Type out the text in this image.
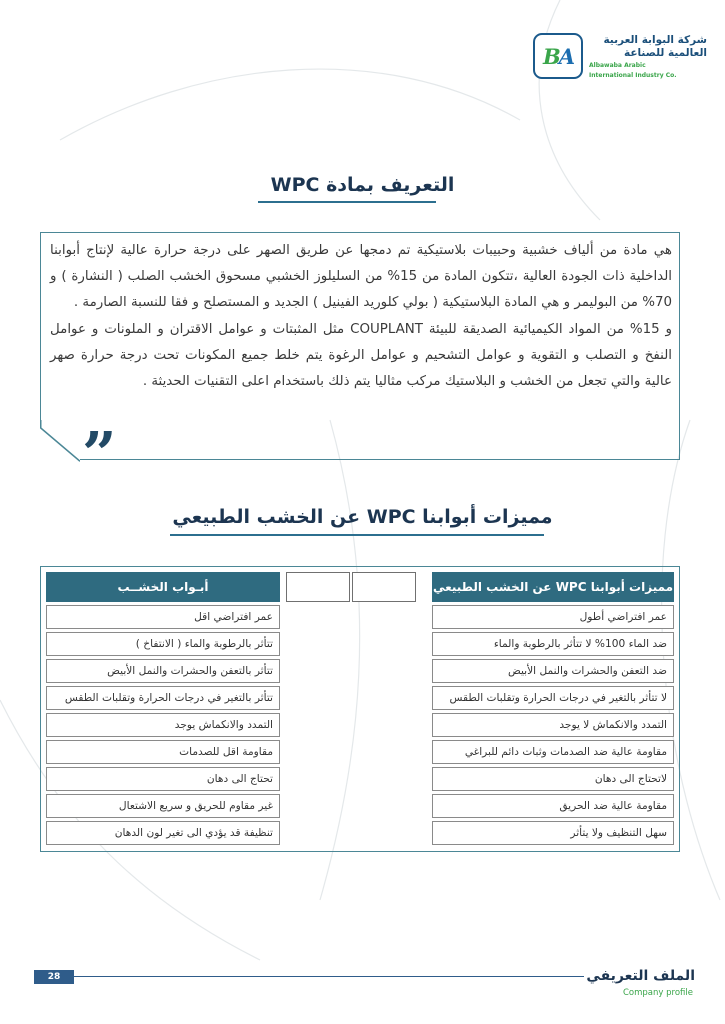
BA
شركة البوابة العربية
العالمية للصناعة
Albawaba Arabic
International Industry Co.
التعريف بمادة WPC
”

هي مادة من ألياف خشبية وحبيبات بلاستيكية تم دمجها عن طريق الصهر على درجة حرارة عالية لإنتاج أبوابنا الداخلية ذات الجودة العالية ،تتكون المادة من 15% من السليلوز الخشبي مسحوق الخشب الصلب ( النشارة ) و 70% من البوليمر و هي المادة البلاستيكية ( بولي كلوريد الفينيل ) الجديد و المستصلح و فقا للنسبة الصارمة .

و 15% من المواد الكيميائية الصديقة للبيئة COUPLANT مثل المثبتات و عوامل الاقتران و الملونات و عوامل النفخ و التصلب و التقوية و عوامل التشحيم و عوامل الرغوة يتم خلط جميع المكونات تحت درجة حرارة صهر عالية والتي تجعل من الخشب و البلاستيك مركب مثاليا يتم ذلك باستخدام اعلى التقنيات الحديثة .

مميزات أبوابنا WPC عن الخشب الطبيعي
مميزات أبوابنا WPC عن الخشب الطبيعي
أبـواب الخشــب
عمر افتراضي أطول
ضد الماء 100% لا تتأثر بالرطوبة والماء
ضد التعفن والحشرات والنمل الأبيض
لا تتأثر بالتغير في درجات الحرارة وتقلبات الطقس
التمدد والانكماش لا يوجد
مقاومة عالية ضد الصدمات وثبات دائم للبراغي
لاتحتاج الى دهان
مقاومة عالية ضد الحريق
سهل التنظيف ولا يتأثر
عمر افتراضي اقل
تتأثر بالرطوبة والماء ( الانتفاخ )
تتأثر بالتعفن والحشرات والنمل الأبيض
تتأثر بالتغير في درجات الحرارة وتقلبات الطقس
التمدد والانكماش يوجد
مقاومة اقل للصدمات
تحتاج الى دهان
غير مقاوم للحريق و سريع الاشتعال
تنظيفة قد يؤدي الى تغير لون الدهان
28	الملف التعريفي
Company profile
